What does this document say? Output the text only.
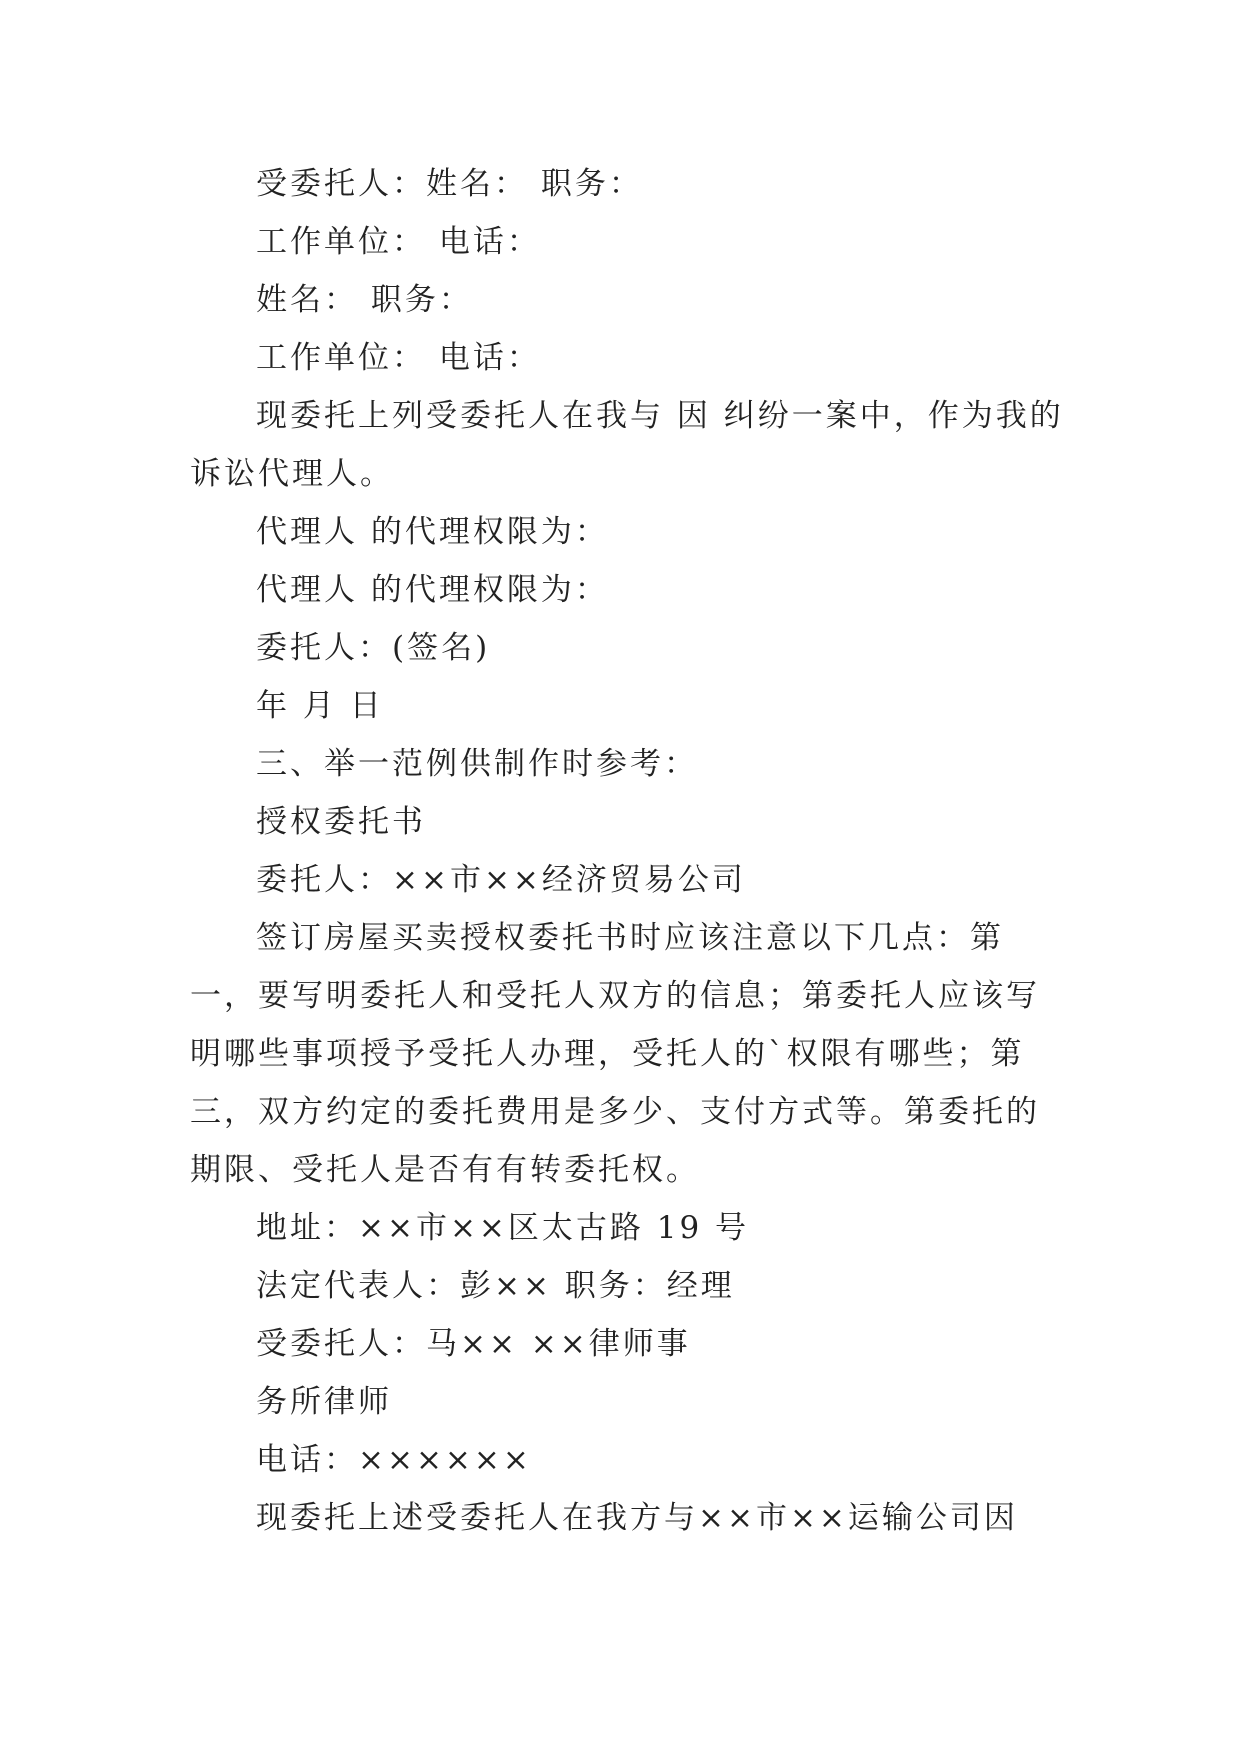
受委托人：姓名： 职务：

工作单位： 电话：

姓名： 职务：

工作单位： 电话：

现委托上列受委托人在我与 因 纠纷一案中，作为我的诉讼代理人。

代理人 的代理权限为：

代理人 的代理权限为：

委托人：(签名)

年 月 日

三、举一范例供制作时参考：

授权委托书

委托人：××市××经济贸易公司

签订房屋买卖授权委托书时应该注意以下几点：第一，要写明委托人和受托人双方的信息；第委托人应该写明哪些事项授予受托人办理，受托人的`权限有哪些；第三，双方约定的委托费用是多少、支付方式等。第委托的期限、受托人是否有有转委托权。

地址：××市××区太古路 19 号

法定代表人：彭×× 职务：经理

受委托人：马×× ××律师事

务所律师

电话：××××××

现委托上述受委托人在我方与××市××运输公司因
